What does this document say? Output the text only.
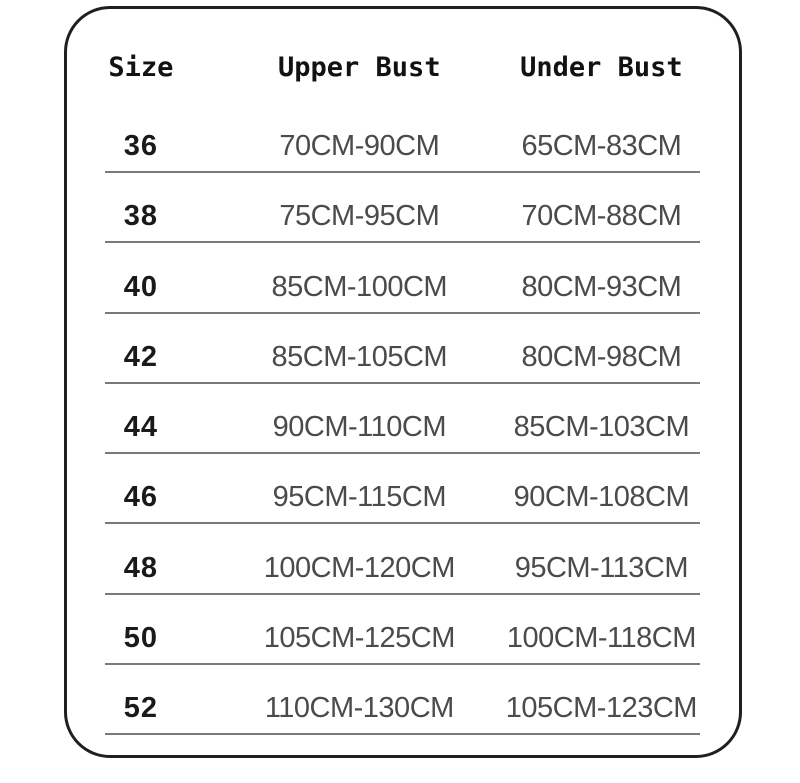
Size	Upper Bust	Under Bust
36	70CM-90CM	65CM-83CM
38	75CM-95CM	70CM-88CM
40	85CM-100CM	80CM-93CM
42	85CM-105CM	80CM-98CM
44	90CM-110CM	85CM-103CM
46	95CM-115CM	90CM-108CM
48	100CM-120CM	95CM-113CM
50	105CM-125CM	100CM-118CM
52	110CM-130CM	105CM-123CM
